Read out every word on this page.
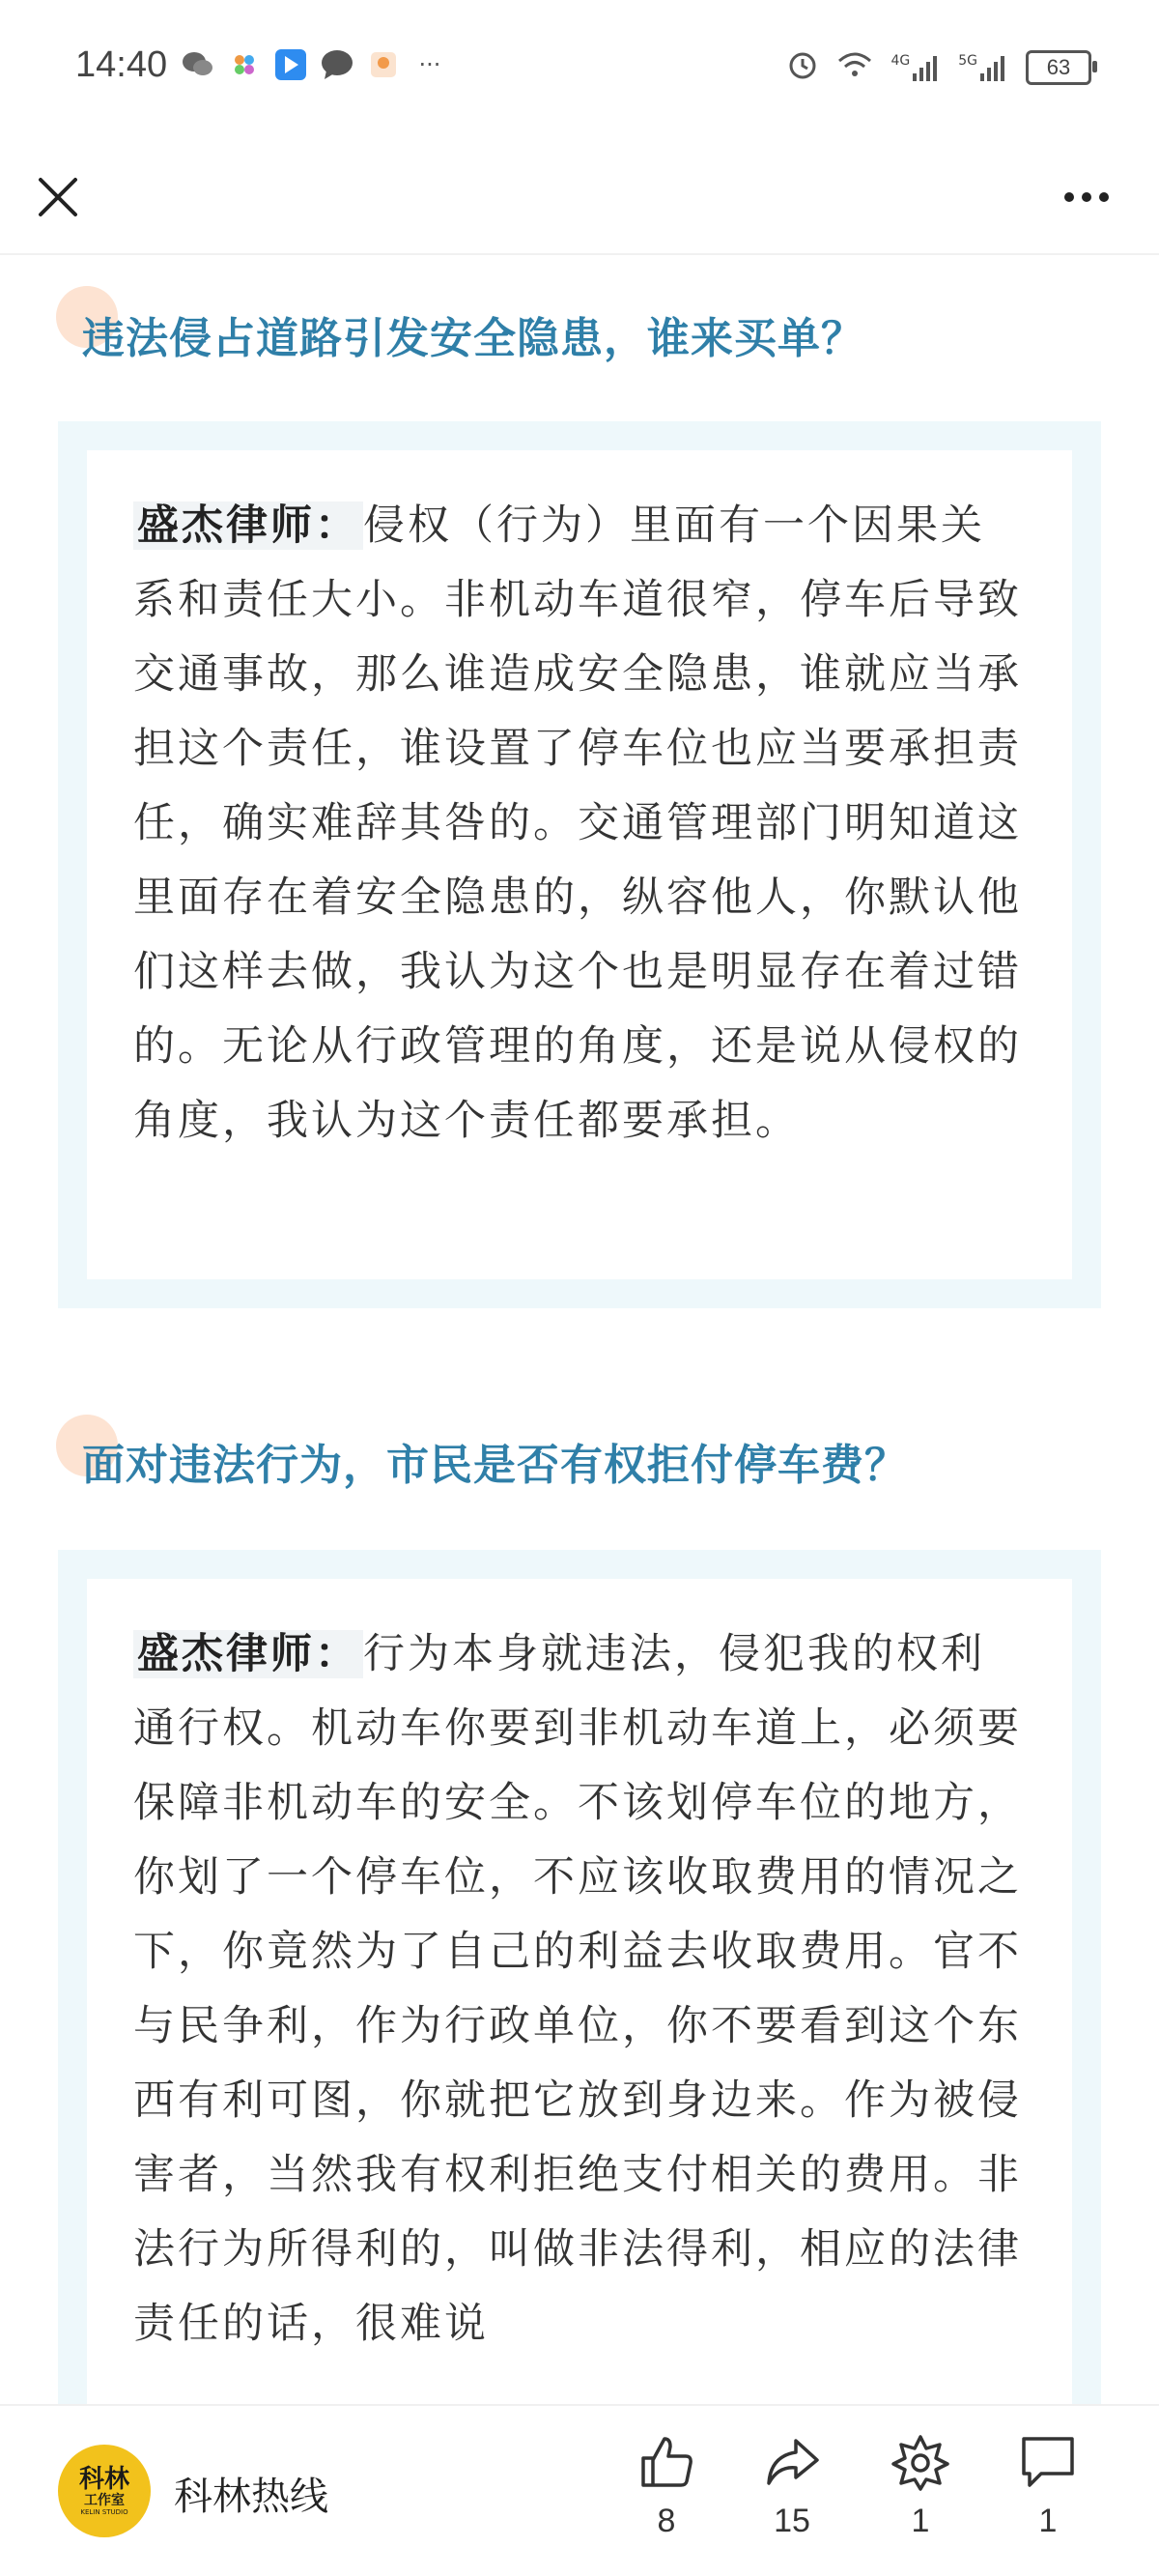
14:40	···	4G	5G	63
违法侵占道路引发安全隐患，谁来买单？
盛杰律师：侵权（行为）里面有一个因果关系和责任大小。非机动车道很窄，停车后导致交通事故，那么谁造成安全隐患，谁就应当承担这个责任，谁设置了停车位也应当要承担责任，确实难辞其咎的。交通管理部门明知道这里面存在着安全隐患的，纵容他人，你默认他们这样去做，我认为这个也是明显存在着过错的。无论从行政管理的角度，还是说从侵权的角度，我认为这个责任都要承担。
面对违法行为，市民是否有权拒付停车费？
盛杰律师：行为本身就违法，侵犯我的权利通行权。机动车你要到非机动车道上，必须要保障非机动车的安全。不该划停车位的地方，你划了一个停车位，不应该收取费用的情况之下，你竟然为了自己的利益去收取费用。官不与民争利，作为行政单位，你不要看到这个东西有利可图，你就把它放到身边来。作为被侵害者，当然我有权利拒绝支付相关的费用。非法行为所得利的，叫做非法得利，相应的法律责任的话，很难说
科林
工作室
KELIN STUDIO 科林热线
8	15	1	1
